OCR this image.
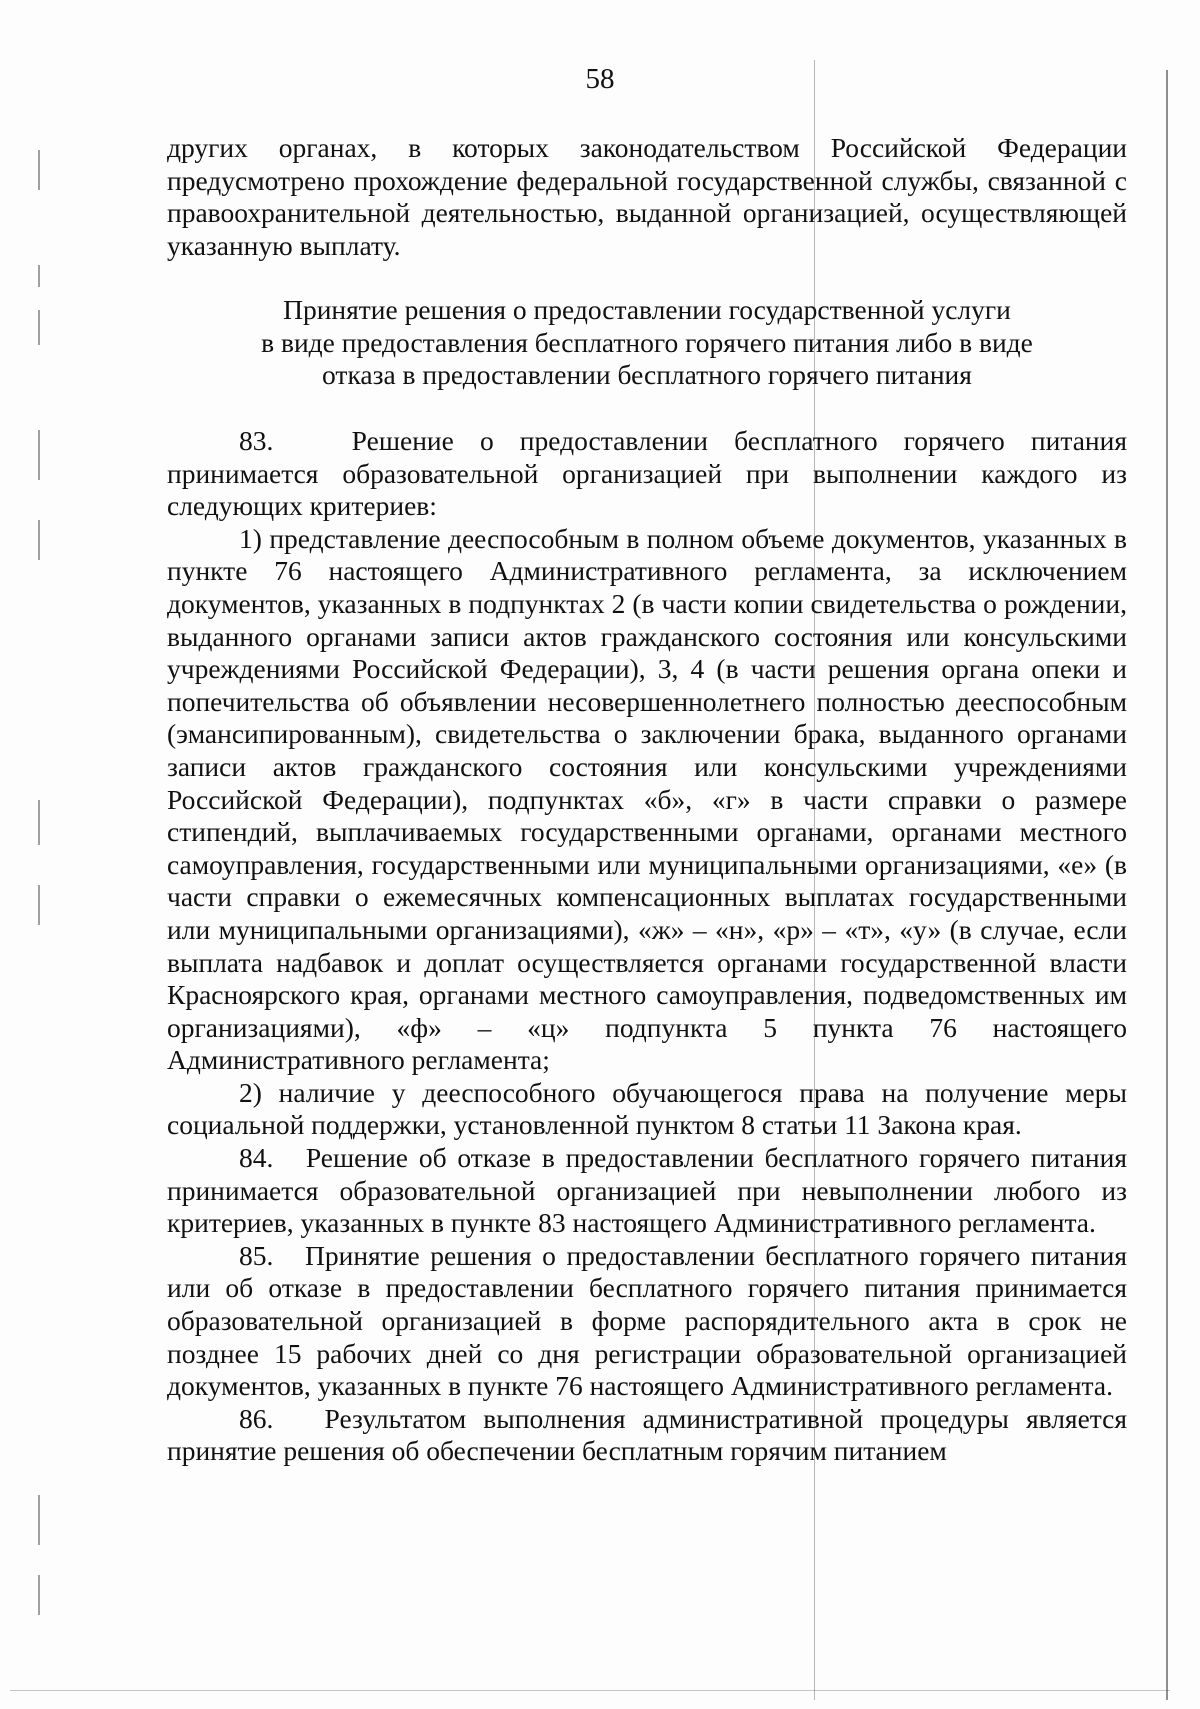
58

других органах, в которых законодательством Российской Федерации предусмотрено прохождение федеральной государственной службы, связанной с правоохранительной деятельностью, выданной организацией, осуществляющей указанную выплату.

Принятие решения о предоставлении государственной услуги
в виде предоставления бесплатного горячего питания либо в виде
отказа в предоставлении бесплатного горячего питания

83.   Решение о предоставлении бесплатного горячего питания принимается образовательной организацией при выполнении каждого из следующих критериев:

1) представление дееспособным в полном объеме документов, указанных в пункте 76 настоящего Административного регламента, за исключением документов, указанных в подпунктах 2 (в части копии свидетельства о рождении, выданного органами записи актов гражданского состояния или консульскими учреждениями Российской Федерации), 3, 4 (в части решения органа опеки и попечительства об объявлении несовершеннолетнего полностью дееспособным (эмансипированным), свидетельства о заключении брака, выданного органами записи актов гражданского состояния или консульскими учреждениями Российской Федерации), подпунктах «б», «г» в части справки о размере стипендий, выплачиваемых государственными органами, органами местного самоуправления, государственными или муниципальными организациями, «е» (в части справки о ежемесячных компенсационных выплатах государственными или муниципальными организациями), «ж» – «н», «р» – «т», «у» (в случае, если выплата надбавок и доплат осуществляется органами государственной власти Красноярского края, органами местного самоуправления, подведомственных им организациями), «ф» – «ц» подпункта 5 пункта 76 настоящего Административного регламента;

2) наличие у дееспособного обучающегося права на получение меры социальной поддержки, установленной пунктом 8 статьи 11 Закона края.

84.   Решение об отказе в предоставлении бесплатного горячего питания принимается образовательной организацией при невыполнении любого из критериев, указанных в пункте 83 настоящего Административного регламента.

85.   Принятие решения о предоставлении бесплатного горячего питания или об отказе в предоставлении бесплатного горячего питания принимается образовательной организацией в форме распорядительного акта в срок не позднее 15 рабочих дней со дня регистрации образовательной организацией документов, указанных в пункте 76 настоящего Административного регламента.

86.   Результатом выполнения административной процедуры является принятие решения об обеспечении бесплатным горячим питанием
